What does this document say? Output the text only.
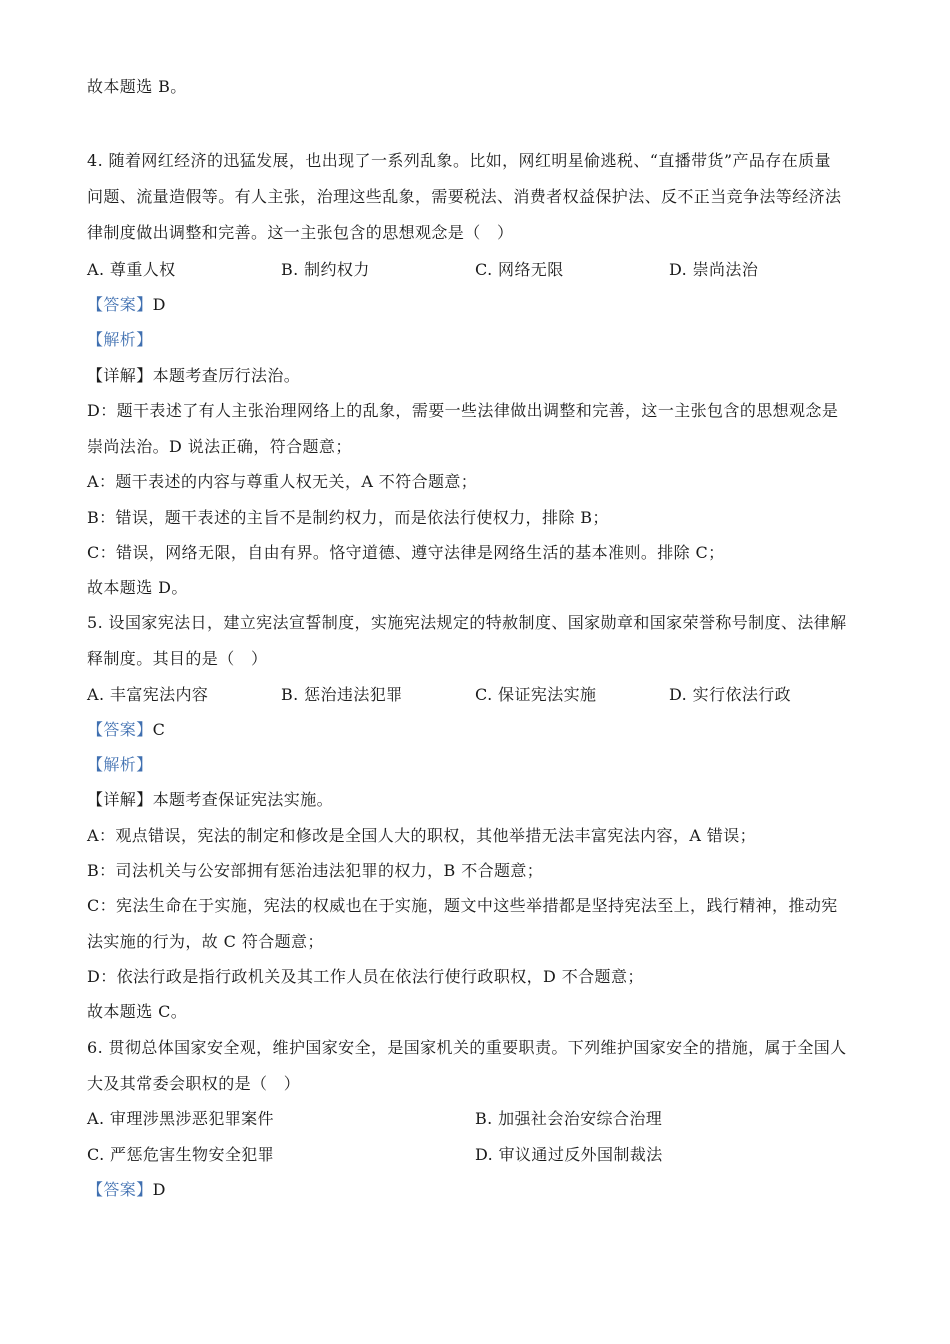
故本题选 B。
4. 随着网红经济的迅猛发展，也出现了一系列乱象。比如，网红明星偷逃税、“直播带货”产品存在质量
问题、流量造假等。有人主张，治理这些乱象，需要税法、消费者权益保护法、反不正当竞争法等经济法
律制度做出调整和完善。这一主张包含的思想观念是（　）
A. 尊重人权	B. 制约权力	C. 网络无限	D. 崇尚法治
【答案】D
【解析】
【详解】本题考查厉行法治。
D：题干表述了有人主张治理网络上的乱象，需要一些法律做出调整和完善，这一主张包含的思想观念是
崇尚法治。D 说法正确，符合题意；
A：题干表述的内容与尊重人权无关，A 不符合题意；
B：错误，题干表述的主旨不是制约权力，而是依法行使权力，排除 B；
C：错误，网络无限，自由有界。恪守道德、遵守法律是网络生活的基本准则。排除 C；
故本题选 D。
5. 设国家宪法日，建立宪法宣誓制度，实施宪法规定的特赦制度、国家勋章和国家荣誉称号制度、法律解
释制度。其目的是（　）
A. 丰富宪法内容	B. 惩治违法犯罪	C. 保证宪法实施	D. 实行依法行政
【答案】C
【解析】
【详解】本题考查保证宪法实施。
A：观点错误，宪法的制定和修改是全国人大的职权，其他举措无法丰富宪法内容，A 错误；
B：司法机关与公安部拥有惩治违法犯罪的权力，B 不合题意；
C：宪法生命在于实施，宪法的权威也在于实施，题文中这些举措都是坚持宪法至上，践行精神，推动宪
法实施的行为，故 C 符合题意；
D：依法行政是指行政机关及其工作人员在依法行使行政职权，D 不合题意；
故本题选 C。
6. 贯彻总体国家安全观，维护国家安全，是国家机关的重要职责。下列维护国家安全的措施，属于全国人
大及其常委会职权的是（　）
A. 审理涉黑涉恶犯罪案件	B. 加强社会治安综合治理
C. 严惩危害生物安全犯罪	D. 审议通过反外国制裁法
【答案】D
